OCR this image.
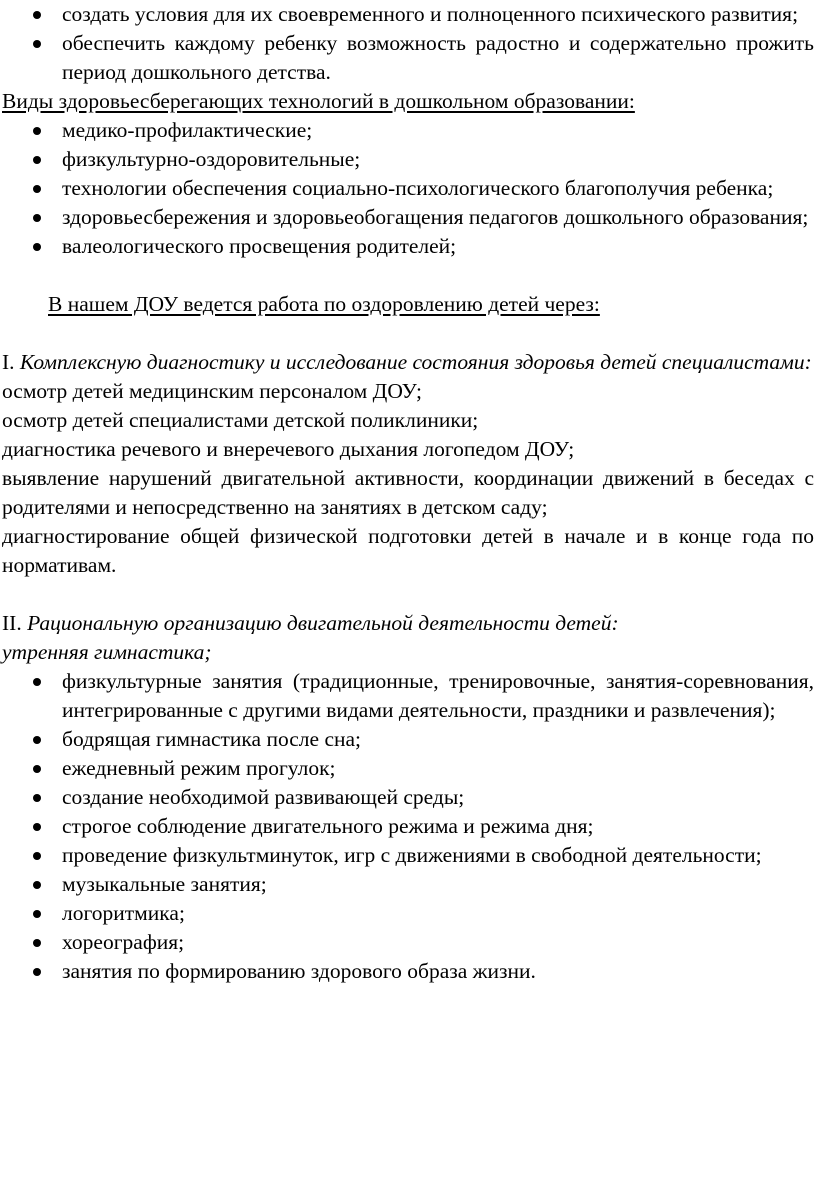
создать условия для их своевременного и полноценного психического развития;
обеспечить каждому ребенку возможность радостно и содержательно прожить период дошкольного детства.

Виды здоровьесберегающих технологий в дошкольном образовании:

медико-профилактические;
физкультурно-оздоровительные;
технологии обеспечения социально-психологического благополучия ребенка;
здоровьесбережения и здоровьеобогащения педагогов дошкольного образования;
валеологического просвещения родителей;

В нашем ДОУ ведется работа по оздоровлению детей через:

I. Комплексную диагностику и исследование состояния здоровья детей специалистами:

осмотр детей медицинским персоналом ДОУ;

осмотр детей специалистами детской поликлиники;

диагностика речевого и внеречевого дыхания логопедом ДОУ;

выявление нарушений двигательной активности, координации движений в беседах с родителями и непосредственно на занятиях в детском саду;

диагностирование общей физической подготовки детей в начале и в конце года по нормативам.

II. Рациональную организацию двигательной деятельности детей:

утренняя гимнастика;

физкультурные занятия (традиционные, тренировочные, занятия-соревнования, интегрированные с другими видами деятельности, праздники и развлечения);
бодрящая гимнастика после сна;
ежедневный режим прогулок;
создание необходимой развивающей среды;
строгое соблюдение двигательного режима и режима дня;
проведение физкультминуток, игр с движениями в свободной деятельности;
музыкальные занятия;
логоритмика;
хореография;
занятия по формированию здорового образа жизни.
